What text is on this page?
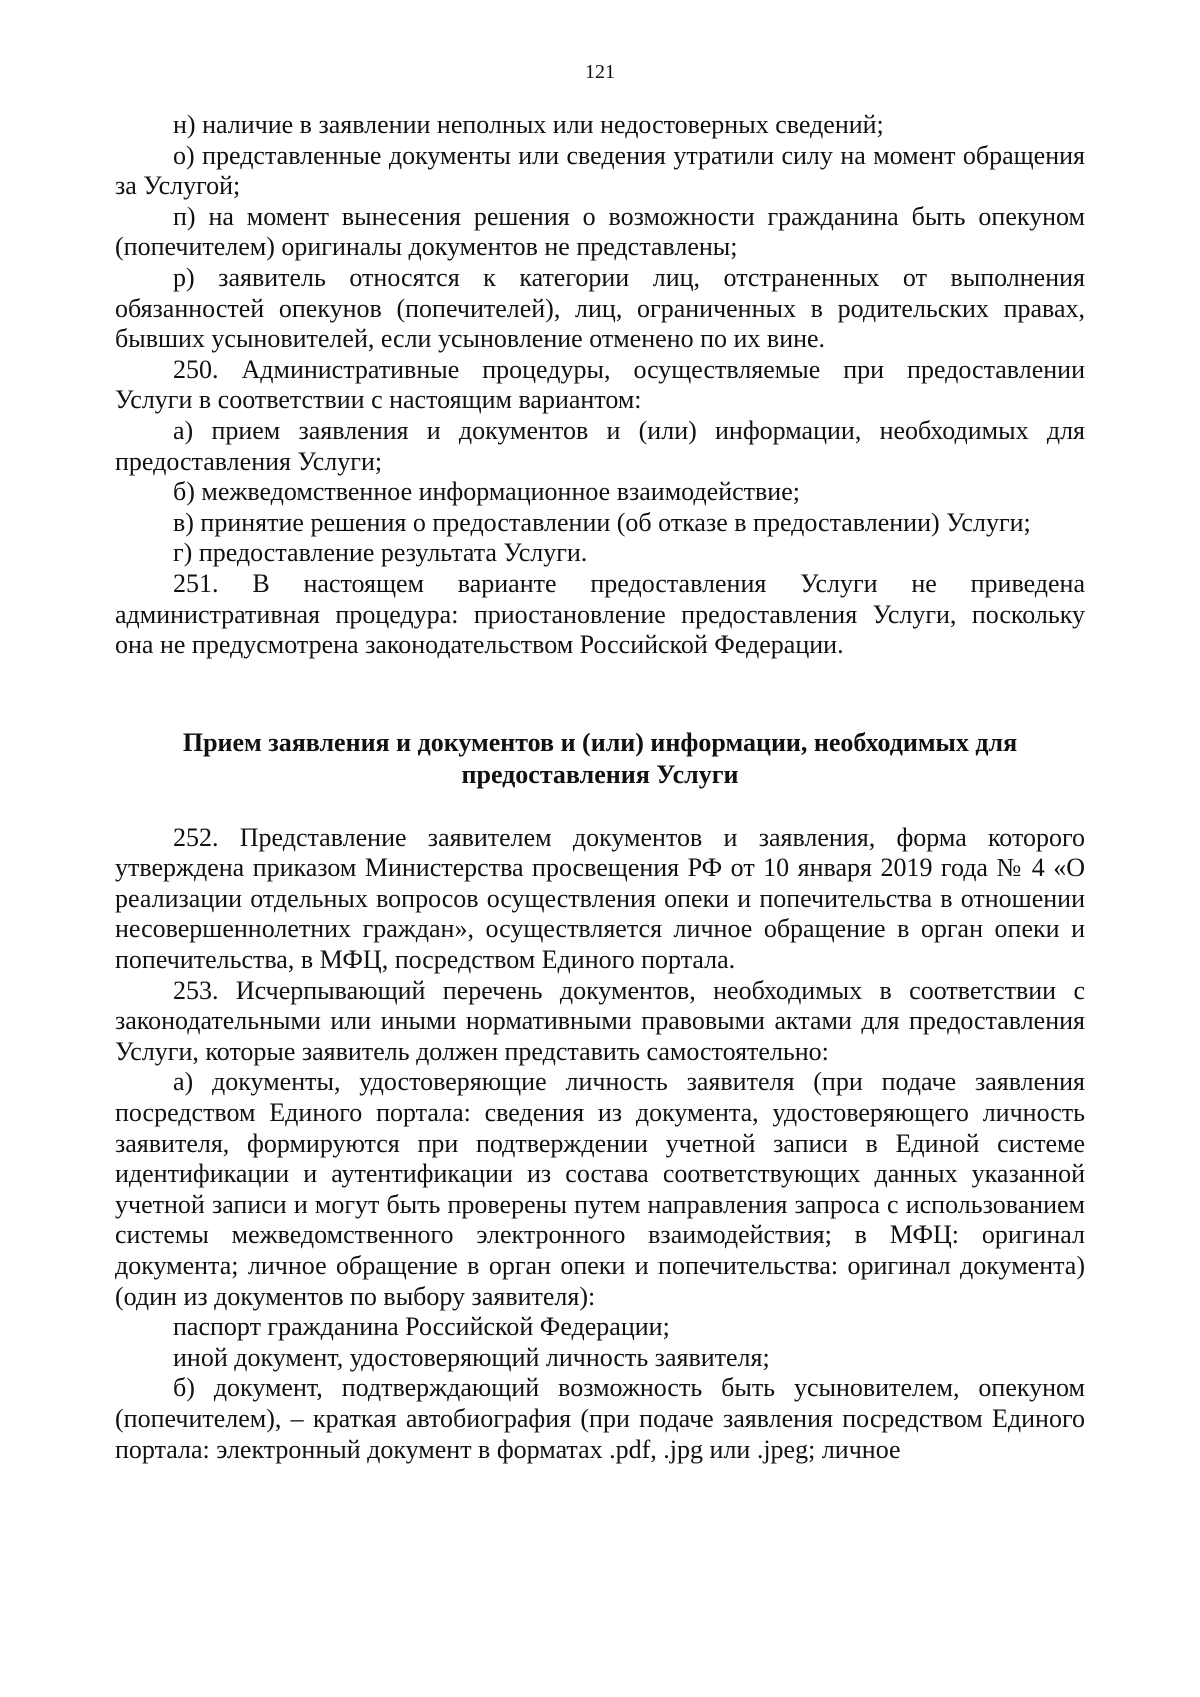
121

н) наличие в заявлении неполных или недостоверных сведений;

о) представленные документы или сведения утратили силу на момент обращения за Услугой;

п) на момент вынесения решения о возможности гражданина быть опекуном (попечителем) оригиналы документов не представлены;

р) заявитель относятся к категории лиц, отстраненных от выполнения обязанностей опекунов (попечителей), лиц, ограниченных в родительских правах, бывших усыновителей, если усыновление отменено по их вине.

250. Административные процедуры, осуществляемые при предоставлении Услуги в соответствии с настоящим вариантом:

а) прием заявления и документов и (или) информации, необходимых для предоставления Услуги;

б) межведомственное информационное взаимодействие;

в) принятие решения о предоставлении (об отказе в предоставлении) Услуги;

г) предоставление результата Услуги.

251. В настоящем варианте предоставления Услуги не приведена административная процедура: приостановление предоставления Услуги, поскольку она не предусмотрена законодательством Российской Федерации.

Прием заявления и документов и (или) информации, необходимых для предоставления Услуги

252. Представление заявителем документов и заявления, форма которого утверждена приказом Министерства просвещения РФ от 10 января 2019 года № 4 «О реализации отдельных вопросов осуществления опеки и попечительства в отношении несовершеннолетних граждан», осуществляется личное обращение в орган опеки и попечительства, в МФЦ, посредством Единого портала.

253. Исчерпывающий перечень документов, необходимых в соответствии с законодательными или иными нормативными правовыми актами для предоставления Услуги, которые заявитель должен представить самостоятельно:

а) документы, удостоверяющие личность заявителя (при подаче заявления посредством Единого портала: сведения из документа, удостоверяющего личность заявителя, формируются при подтверждении учетной записи в Единой системе идентификации и аутентификации из состава соответствующих данных указанной учетной записи и могут быть проверены путем направления запроса с использованием системы межведомственного электронного взаимодействия; в МФЦ: оригинал документа; личное обращение в орган опеки и попечительства: оригинал документа) (один из документов по выбору заявителя):

паспорт гражданина Российской Федерации;

иной документ, удостоверяющий личность заявителя;

б) документ, подтверждающий возможность быть усыновителем, опекуном (попечителем), – краткая автобиография (при подаче заявления посредством Единого портала: электронный документ в форматах .pdf, .jpg или .jpeg; личное
